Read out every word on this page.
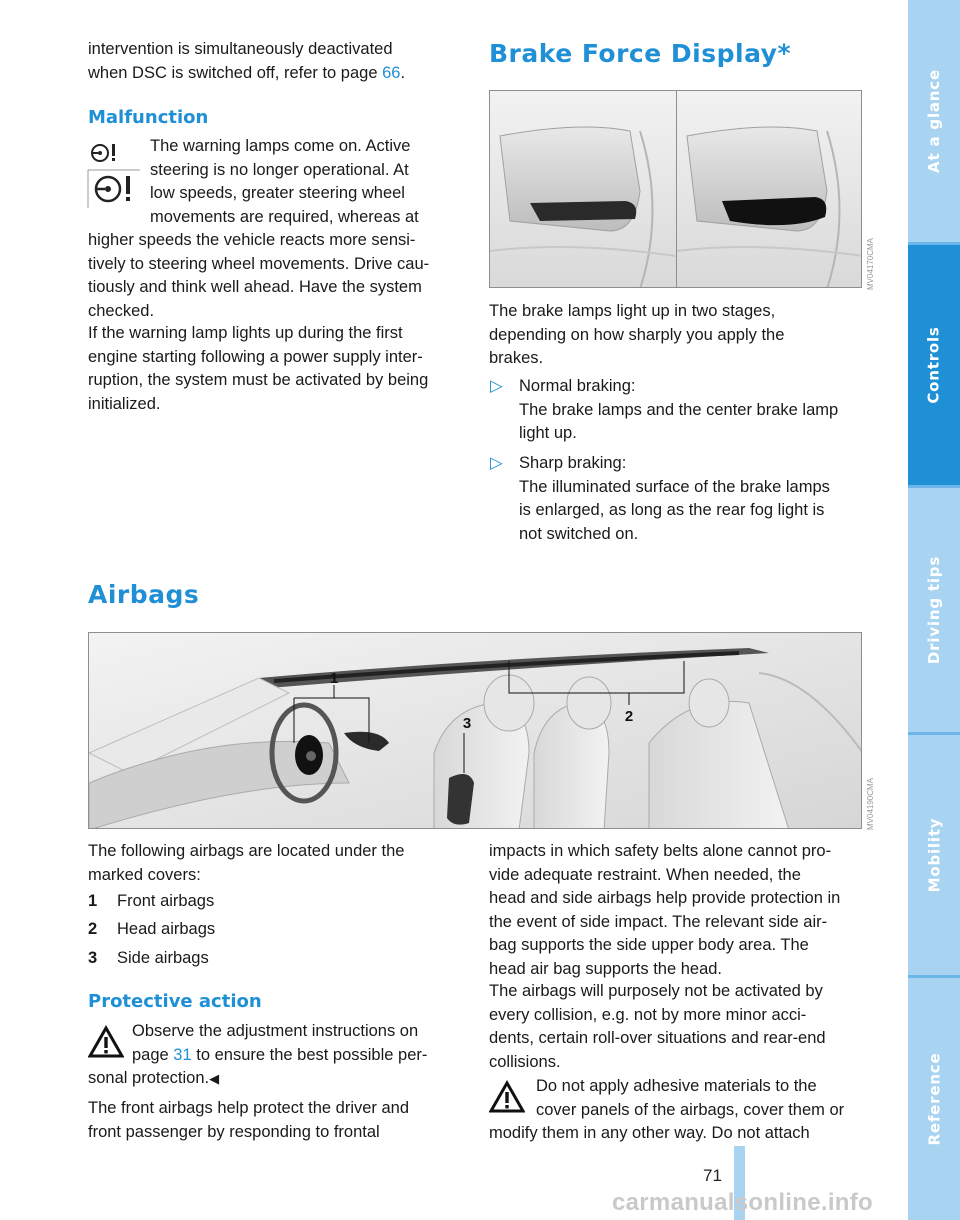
intervention is simultaneously deactivated
when DSC is switched off, refer to page 66.
Malfunction
The warning lamps come on. Active
steering is no longer operational. At
low speeds, greater steering wheel
movements are required, whereas at
higher speeds the vehicle reacts more sensi-
tively to steering wheel movements. Drive cau-
tiously and think well ahead. Have the system
checked.
If the warning lamp lights up during the first
engine starting following a power supply inter-
ruption, the system must be activated by being
initialized.
Brake Force Display*
MV04170CMA
The brake lamps light up in two stages,
depending on how sharply you apply the
brakes.
▷ Normal braking:
The brake lamps and the center brake lamp
light up.
▷ Sharp braking:
The illuminated surface of the brake lamps
is enlarged, as long as the rear fog light is
not switched on.
Airbags
1
2
3
MV04190CMA
The following airbags are located under the
marked covers:
1 Front airbags
2 Head airbags
3 Side airbags
Protective action
Observe the adjustment instructions on
page 31 to ensure the best possible per-
sonal protection.◀
The front airbags help protect the driver and
front passenger by responding to frontal
impacts in which safety belts alone cannot pro-
vide adequate restraint. When needed, the
head and side airbags help provide protection in
the event of side impact. The relevant side air-
bag supports the side upper body area. The
head air bag supports the head.
The airbags will purposely not be activated by
every collision, e.g. not by more minor acci-
dents, certain roll-over situations and rear-end
collisions.
Do not apply adhesive materials to the
cover panels of the airbags, cover them or
modify them in any other way. Do not attach
At a glance
Controls
Driving tips
Mobility
Reference
71
carmanualsonline.info
